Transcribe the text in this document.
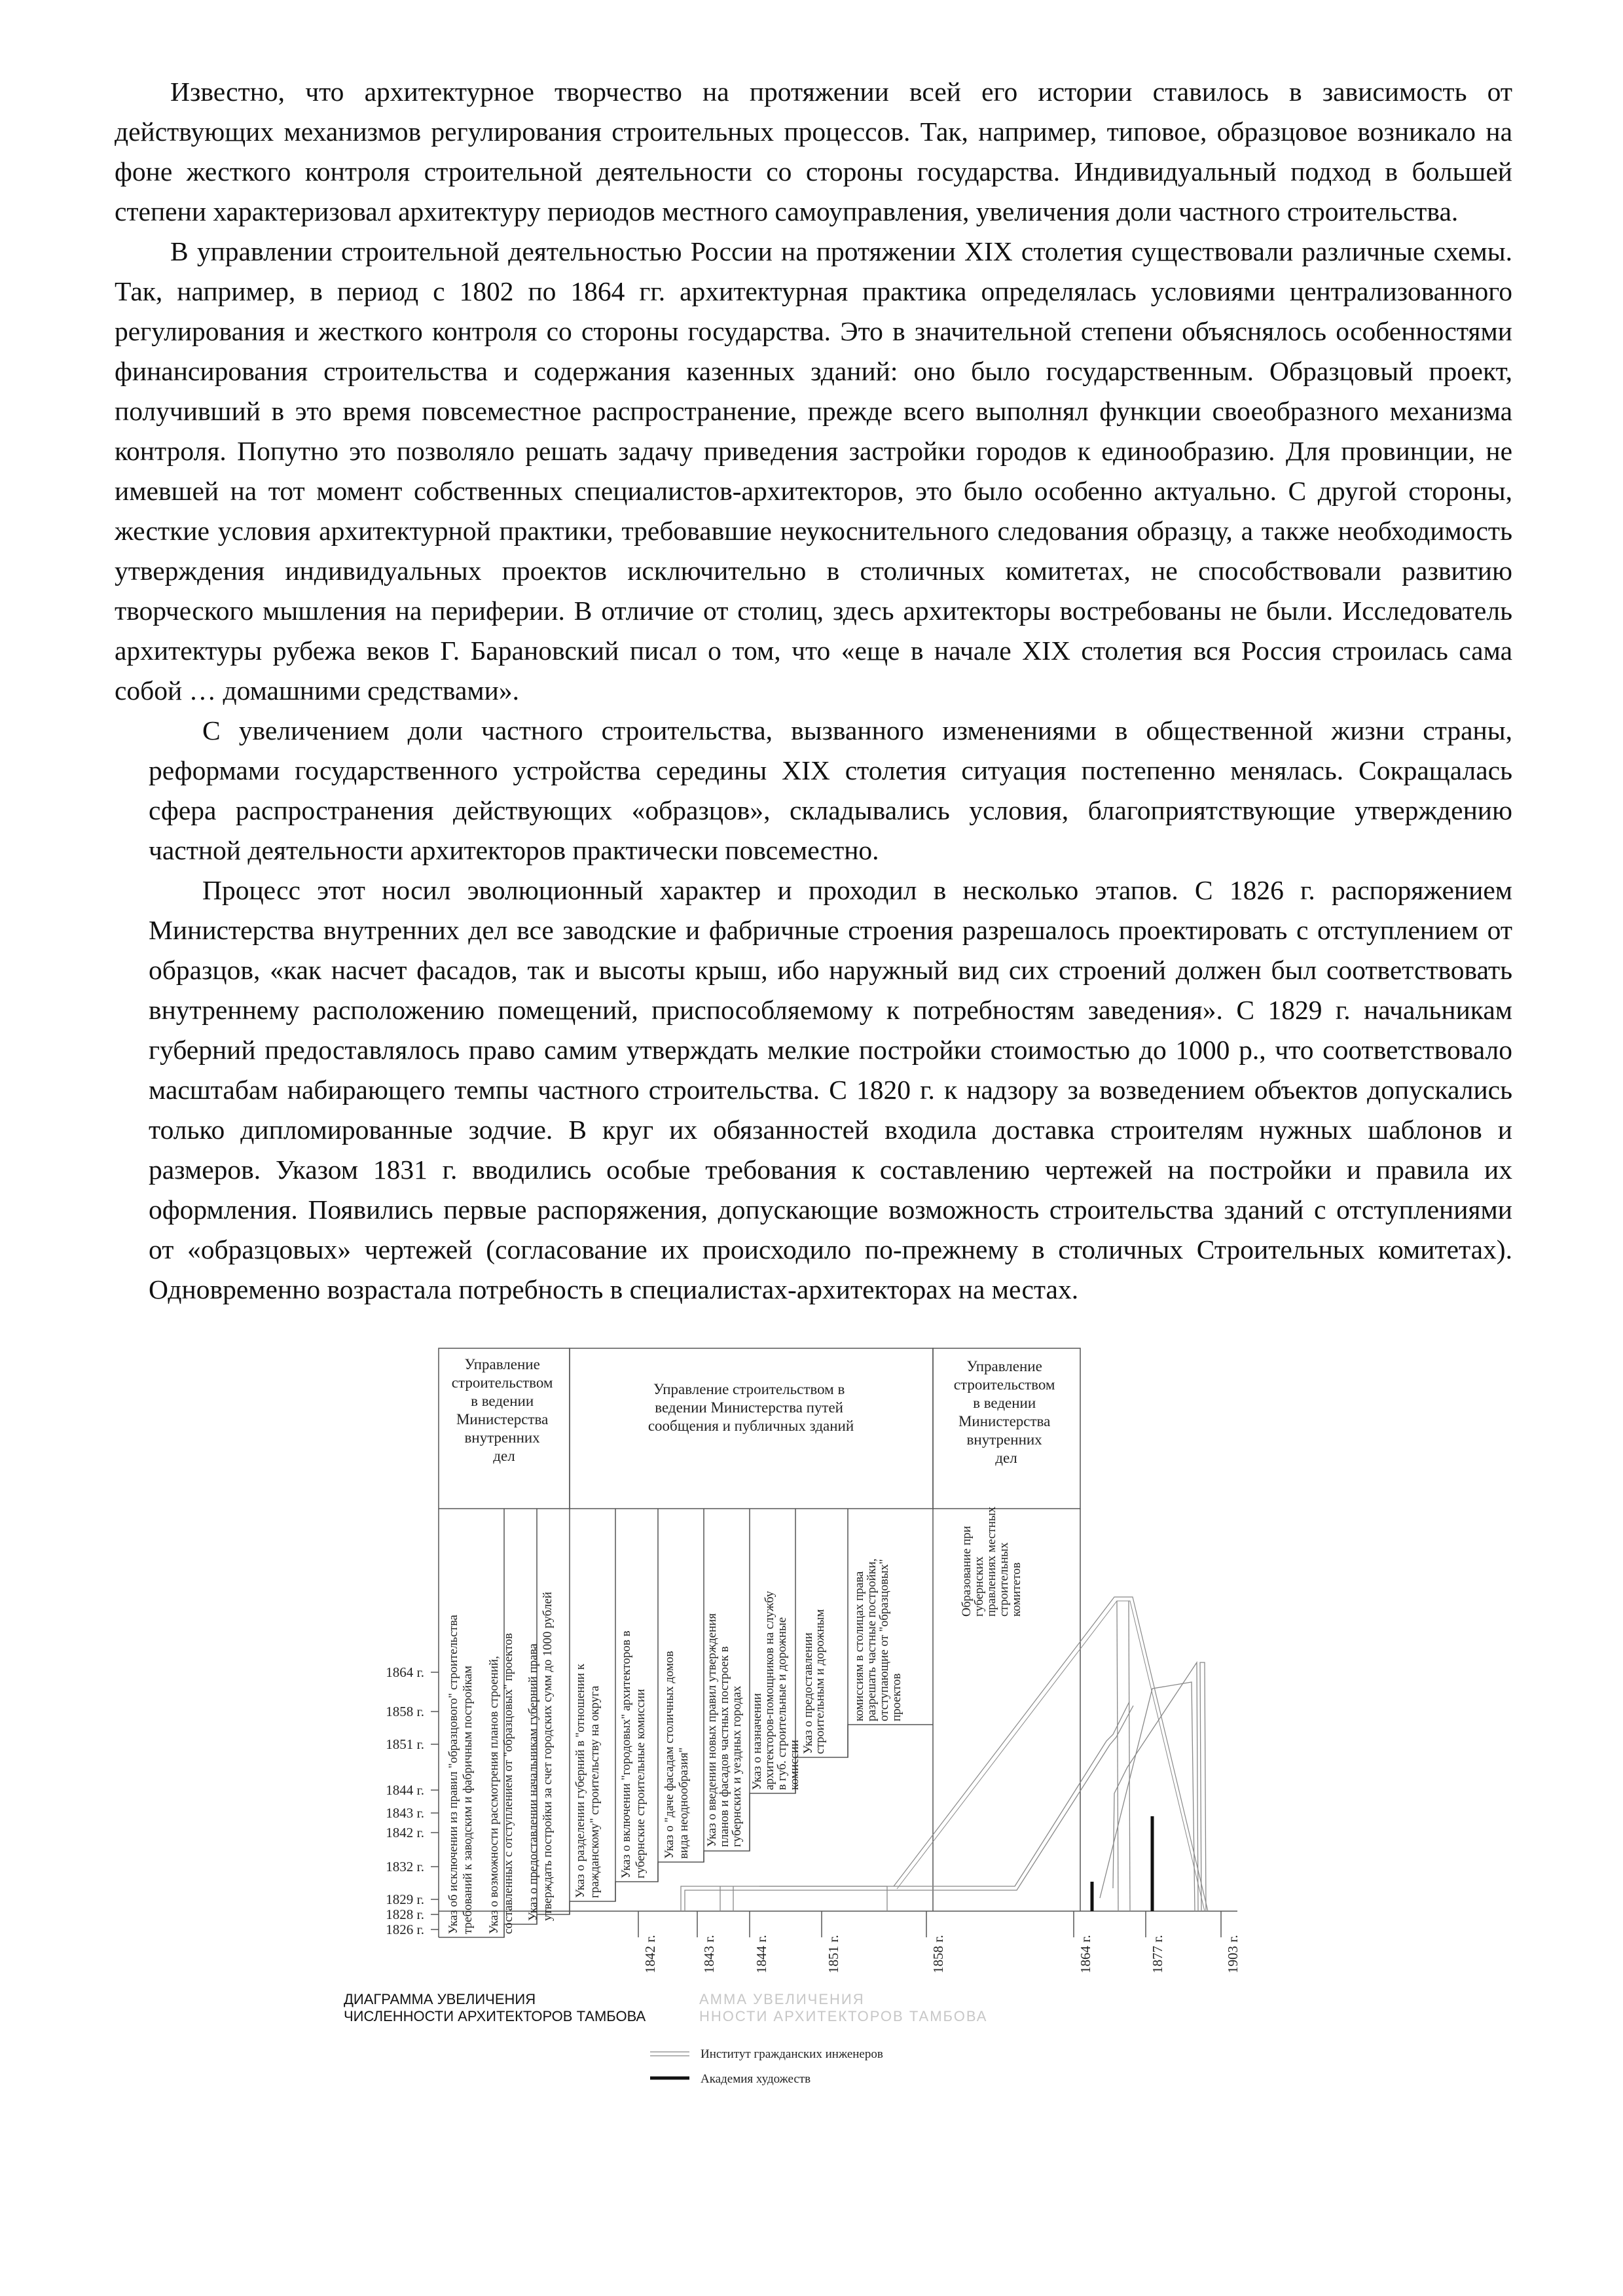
Известно, что архитектурное творчество на протяжении всей его истории ставилось в зависимость от действующих механизмов регулирования строительных процессов. Так, например, типовое, образцовое возникало на фоне жесткого контроля строительной деятельности со стороны государства. Индивидуальный подход в большей степени характеризовал архитектуру периодов местного самоуправления, увеличения доли частного строительства.

В управлении строительной деятельностью России на протяжении XIX столетия существовали различные схемы. Так, например, в период с 1802 по 1864 гг. архитектурная практика определялась условиями централизованного регулирования и жесткого контроля со стороны государства. Это в значительной степени объяснялось особенностями финансирования строительства и содержания казенных зданий: оно было государственным. Образцовый проект, получивший в это время повсеместное распространение, прежде всего выполнял функции своеобразного механизма контроля. Попутно это позволяло решать задачу приведения застройки городов к единообразию. Для провинции, не имевшей на тот момент собственных специалистов-архитекторов, это было особенно актуально. С другой стороны, жесткие условия архитектурной практики, требовавшие неукоснительного следования образцу, а также необходимость утверждения индивидуальных проектов исключительно в столичных комитетах, не способствовали развитию творческого мышления на периферии. В отличие от столиц, здесь архитекторы востребованы не были. Исследователь архитектуры рубежа веков Г. Барановский писал о том, что «еще в начале XIX столетия вся Россия строилась сама собой … домашними средствами».

С увеличением доли частного строительства, вызванного изменениями в общественной жизни страны, реформами государственного устройства середины XIX столетия ситуация постепенно менялась. Сокращалась сфера распространения действующих «образцов», складывались условия, благоприятствующие утверждению частной деятельности архитекторов практически повсеместно.

Процесс этот носил эволюционный характер и проходил в несколько этапов. С 1826 г. распоряжением Министерства внутренних дел все заводские и фабричные строения разрешалось проектировать с отступлением от образцов, «как насчет фасадов, так и высоты крыш, ибо наружный вид сих строений должен был соответствовать внутреннему расположению помещений, приспособляемому к потребностям заведения». С 1829 г. начальникам губерний предоставлялось право самим утверждать мелкие постройки стоимостью до 1000 р., что соответствовало масштабам набирающего темпы частного строительства. С 1820 г. к надзору за возведением объектов допускались только дипломированные зодчие. В круг их обязанностей входила доставка строителям нужных шаблонов и размеров. Указом 1831 г. вводились особые требования к составлению чертежей на постройки и правила их оформления. Появились первые распоряжения, допускающие возможность строительства зданий с отступлениями от «образцовых» чертежей (согласование их происходило по-прежнему в столичных Строительных комитетах). Одновременно возрастала потребность в специалистах-архитекторах на местах.

Управление строительством в ведении Министерства внутренних дел
Управление строительством в ведении Министерства путей сообщения и публичных зданий
Управление строительством в ведении Министерства внутренних дел
Указ об исключении из правил "образцового" строительства требований к заводским и фабричным постройкам Указ о возможности рассмотрения планов строений, составленных с отступлением от "образцовых" проектов Указ о предоставлении начальникам губерний права утверждать постройки за счет городских сумм до 1000 рублей Указ о разделении губерний в "отношении к гражданскому" строительству на округа Указ о включении "городовых" архитекторов в губернские строительные комиссии Указ о "даче фасадам столичных домов вида неоднообразия" Указ о введении новых правил утверждения
планов и фасадов частных построек в
губернских и уездных городах Указ о назначении
архитекторов-помощников на службу
в губ. строительные и дорожные
комиссии
Указ о предоставлении
строительным и дорожным комиссиям в столицах права
разрешать частные постройки,
отступающие от "образцовых"
проектов
Образование при
губернских
правлениях местных
строительных
комитетов
1864 г.
1858 г.
1851 г.
1844 г.
1843 г.
1842 г.
1832 г.
1829 г.
1828 г.
1826 г.
1842 г.	1843 г.	1844 г.	1851 г.	1858 г.	1864 г.	1877 г.	1903 г.
ДИАГРАММА УВЕЛИЧЕНИЯ
ЧИСЛЕННОСТИ АРХИТЕКТОРОВ ТАМБОВА
АММА УВЕЛИЧЕНИЯ
ННОСТИ АРХИТЕКТОРОВ ТАМБОВА
Институт гражданских инженеров
Академия художеств
